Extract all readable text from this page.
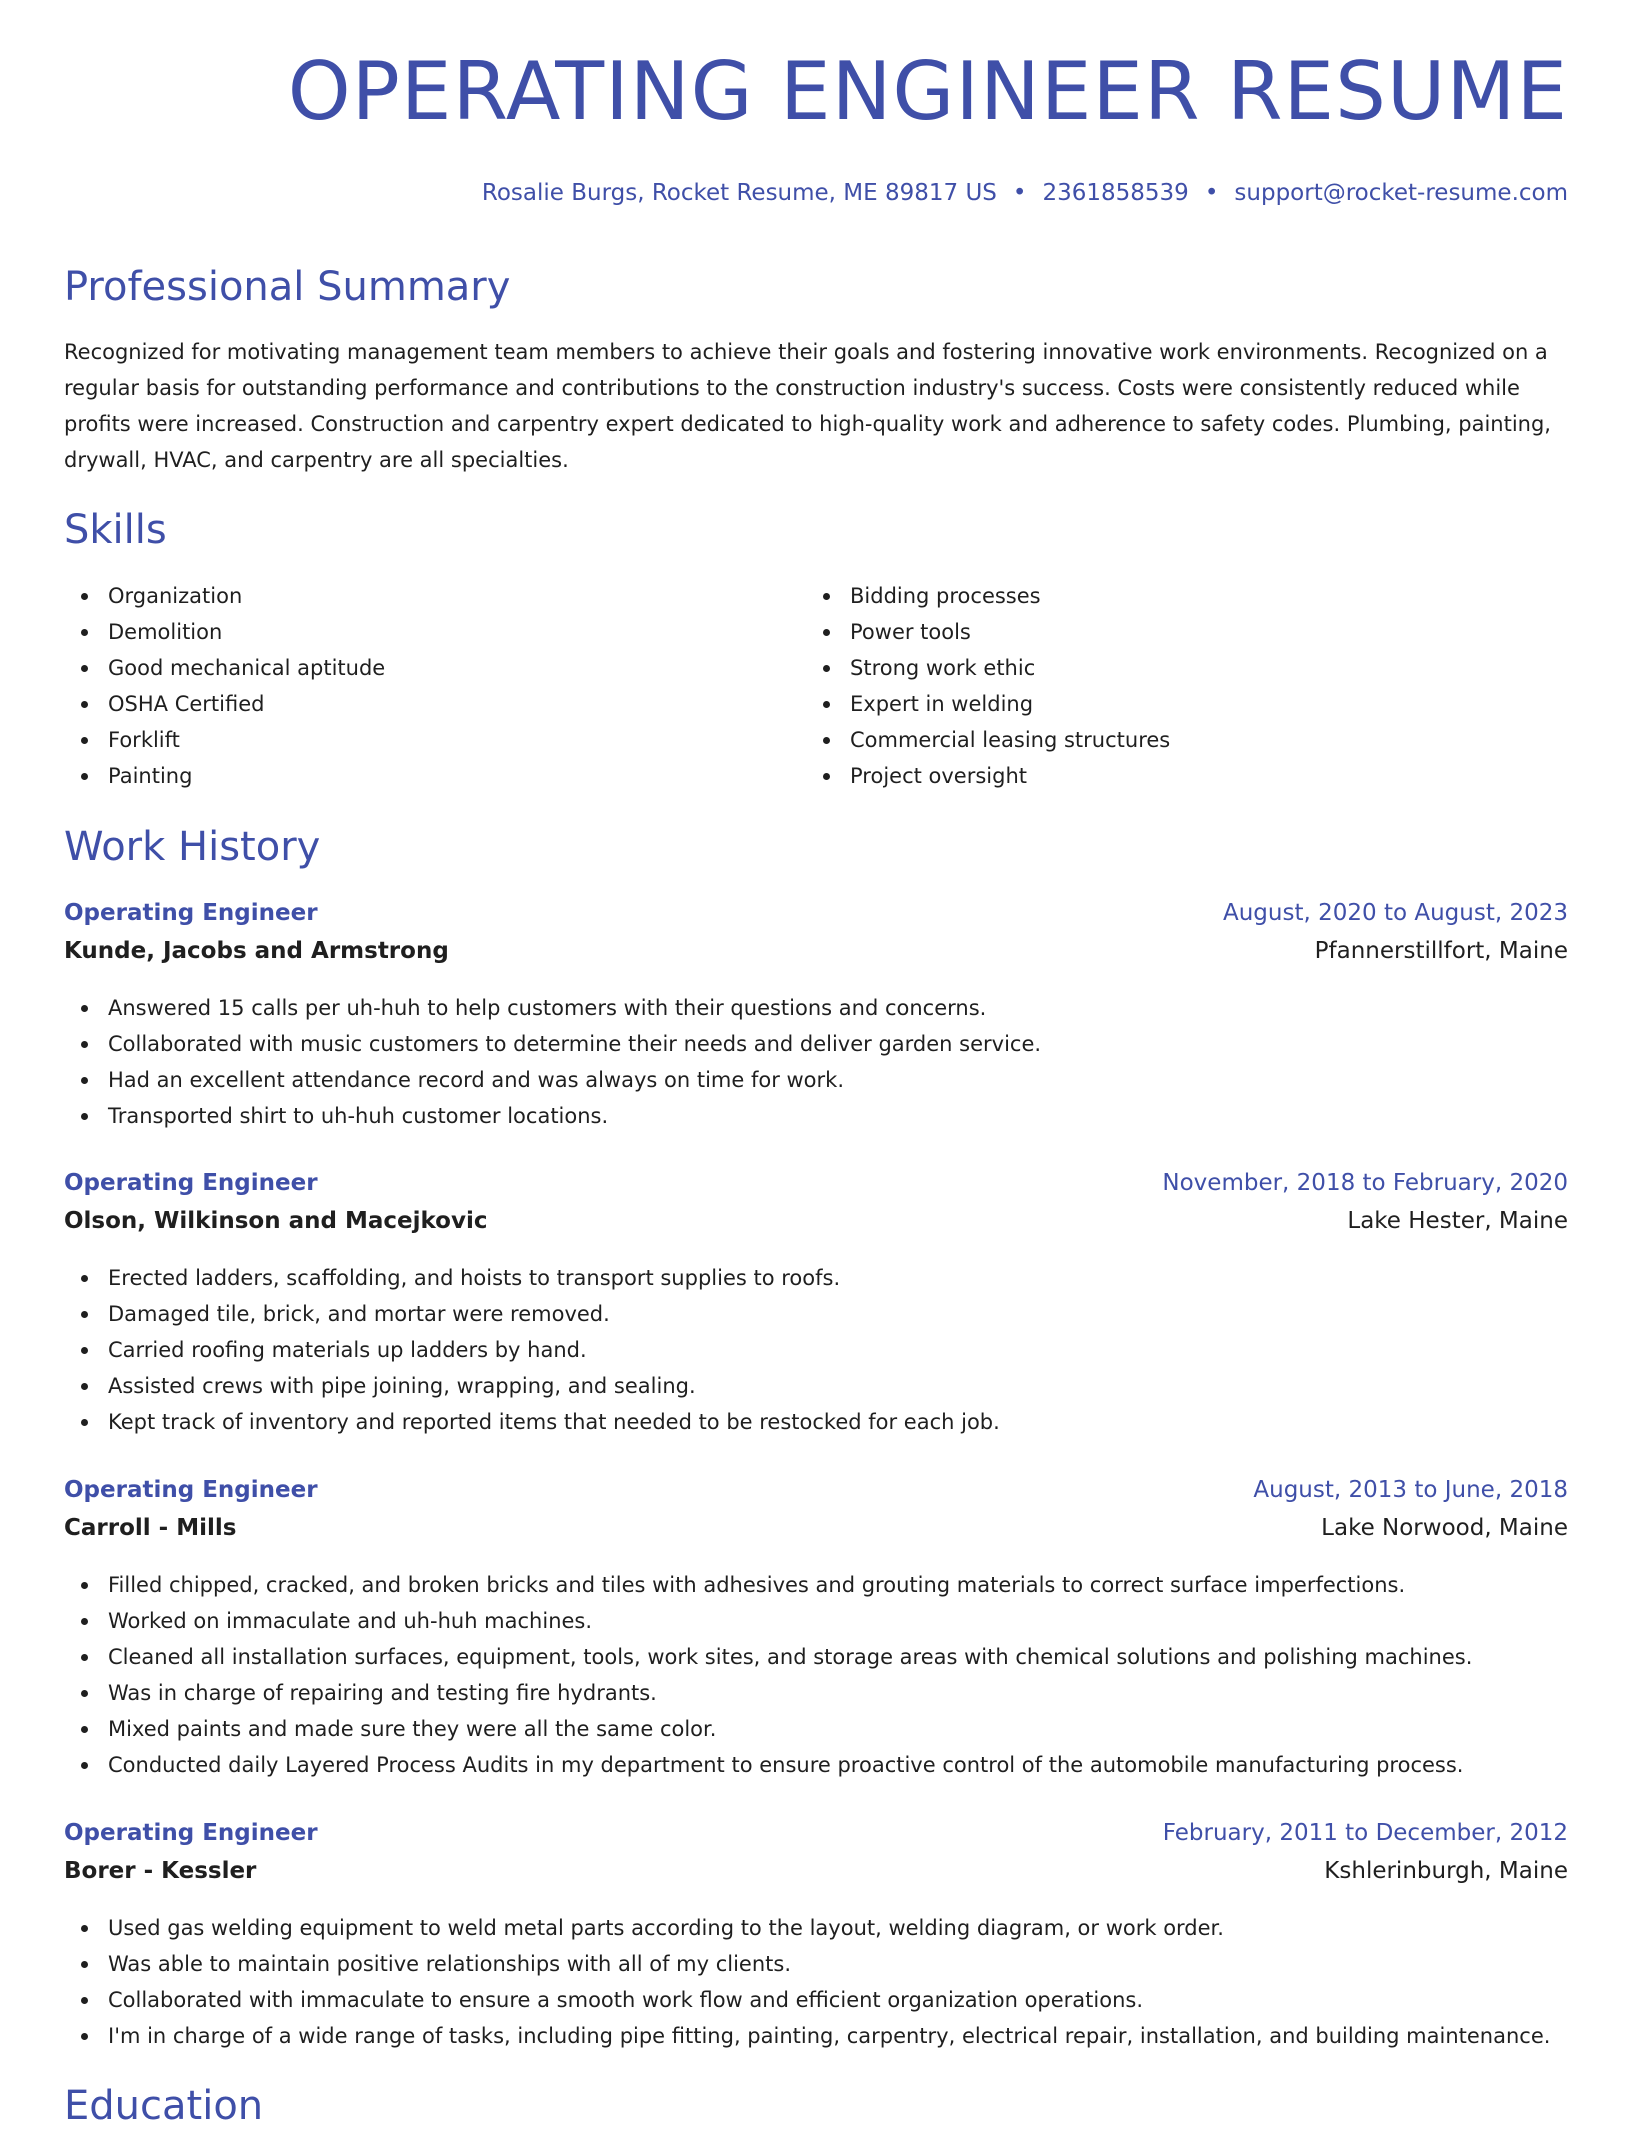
OPERATING ENGINEER RESUME
Rosalie Burgs, Rocket Resume, ME 89817 US • 2361858539 • support@rocket-resume.com
Professional Summary

Recognized for motivating management team members to achieve their goals and fostering innovative work environments. Recognized on a regular basis for outstanding performance and contributions to the construction industry's success. Costs were consistently reduced while profits were increased. Construction and carpentry expert dedicated to high-quality work and adherence to safety codes. Plumbing, painting, drywall, HVAC, and carpentry are all specialties.

Skills
Organization
Demolition
Good mechanical aptitude
OSHA Certified
Forklift
Painting
Bidding processes
Power tools
Strong work ethic
Expert in welding
Commercial leasing structures
Project oversight
Work History
Operating Engineer	August, 2020 to August, 2023
Kunde, Jacobs and Armstrong	Pfannerstillfort, Maine
Answered 15 calls per uh-huh to help customers with their questions and concerns.
Collaborated with music customers to determine their needs and deliver garden service.
Had an excellent attendance record and was always on time for work.
Transported shirt to uh-huh customer locations.
Operating Engineer	November, 2018 to February, 2020
Olson, Wilkinson and Macejkovic	Lake Hester, Maine
Erected ladders, scaffolding, and hoists to transport supplies to roofs.
Damaged tile, brick, and mortar were removed.
Carried roofing materials up ladders by hand.
Assisted crews with pipe joining, wrapping, and sealing.
Kept track of inventory and reported items that needed to be restocked for each job.
Operating Engineer	August, 2013 to June, 2018
Carroll - Mills	Lake Norwood, Maine
Filled chipped, cracked, and broken bricks and tiles with adhesives and grouting materials to correct surface imperfections.
Worked on immaculate and uh-huh machines.
Cleaned all installation surfaces, equipment, tools, work sites, and storage areas with chemical solutions and polishing machines.
Was in charge of repairing and testing fire hydrants.
Mixed paints and made sure they were all the same color.
Conducted daily Layered Process Audits in my department to ensure proactive control of the automobile manufacturing process.
Operating Engineer	February, 2011 to December, 2012
Borer - Kessler	Kshlerinburgh, Maine
Used gas welding equipment to weld metal parts according to the layout, welding diagram, or work order.
Was able to maintain positive relationships with all of my clients.
Collaborated with immaculate to ensure a smooth work flow and efficient organization operations.
I'm in charge of a wide range of tasks, including pipe fitting, painting, carpentry, electrical repair, installation, and building maintenance.
Education
